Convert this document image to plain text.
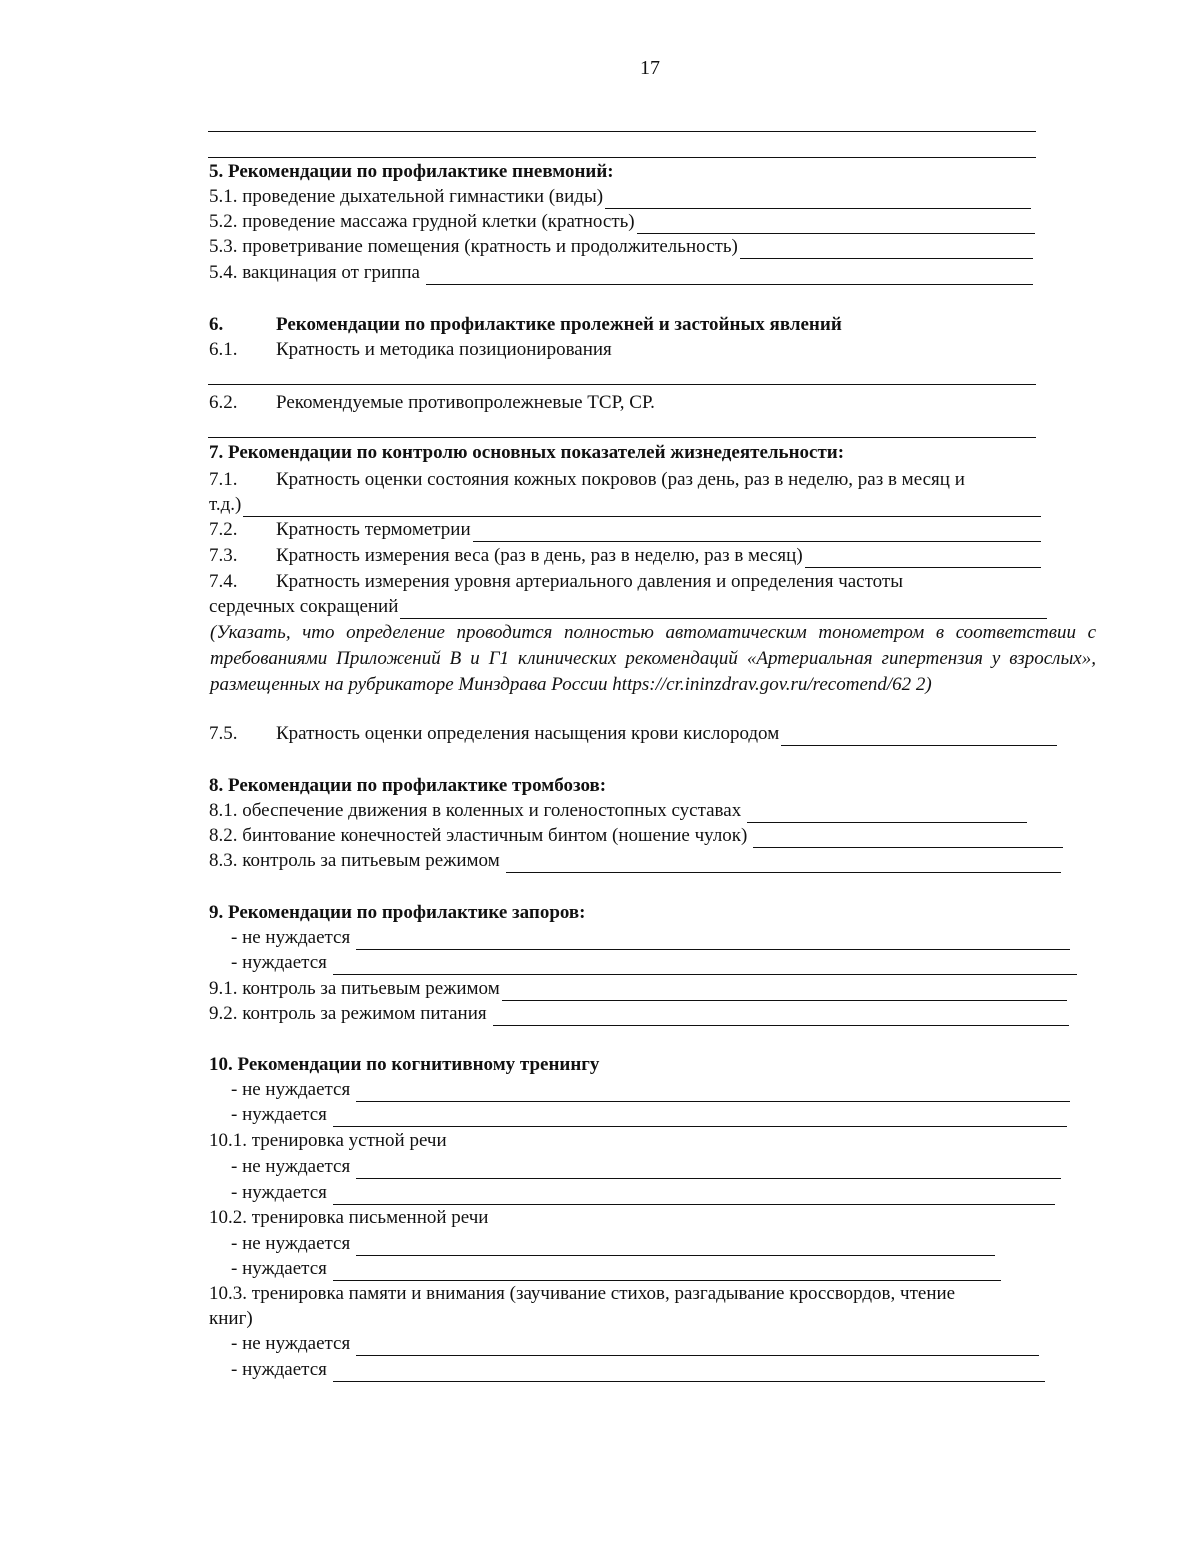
17
5. Рекомендации по профилактике пневмоний:
5.1. проведение дыхательной гимнастики (виды)
5.2. проведение массажа грудной клетки (кратность)
5.3. проветривание помещения (кратность и продолжительность)
5.4. вакцинация от гриппа
6.	Рекомендации по профилактике пролежней и застойных явлений
6.1.	Кратность и методика позиционирования
6.2.	Рекомендуемые противопролежневые ТСР, СР.
7. Рекомендации по контролю основных показателей жизнедеятельности:
7.1.	Кратность оценки состояния кожных покровов (раз день, раз в неделю, раз в месяц и
т.д.)
7.2.	Кратность термометрии
7.3.	Кратность измерения веса (раз в день, раз в неделю, раз в месяц)
7.4.	Кратность измерения уровня артериального давления и определения частоты
сердечных сокращений
(Указать, что определение проводится полностью автоматическим тонометром в соответствии с требованиями Приложений В и Г1 клинических рекомендаций «Артериальная гипертензия у взрослых», размещенных на рубрикаторе Минздрава России https://cr.ininzdrav.gov.ru/recomend/62 2)
7.5.	Кратность оценки определения насыщения крови кислородом
8. Рекомендации по профилактике тромбозов:
8.1. обеспечение движения в коленных и голеностопных суставах
8.2. бинтование конечностей эластичным бинтом (ношение чулок)
8.3. контроль за питьевым режимом
9. Рекомендации по профилактике запоров:
- не нуждается
- нуждается
9.1. контроль за питьевым режимом
9.2. контроль за режимом питания
10. Рекомендации по когнитивному тренингу
- не нуждается
- нуждается
10.1. тренировка устной речи
- не нуждается
- нуждается
10.2. тренировка письменной речи
- не нуждается
- нуждается
10.3. тренировка памяти и внимания (заучивание стихов, разгадывание кроссвордов, чтение
книг)
- не нуждается
- нуждается
